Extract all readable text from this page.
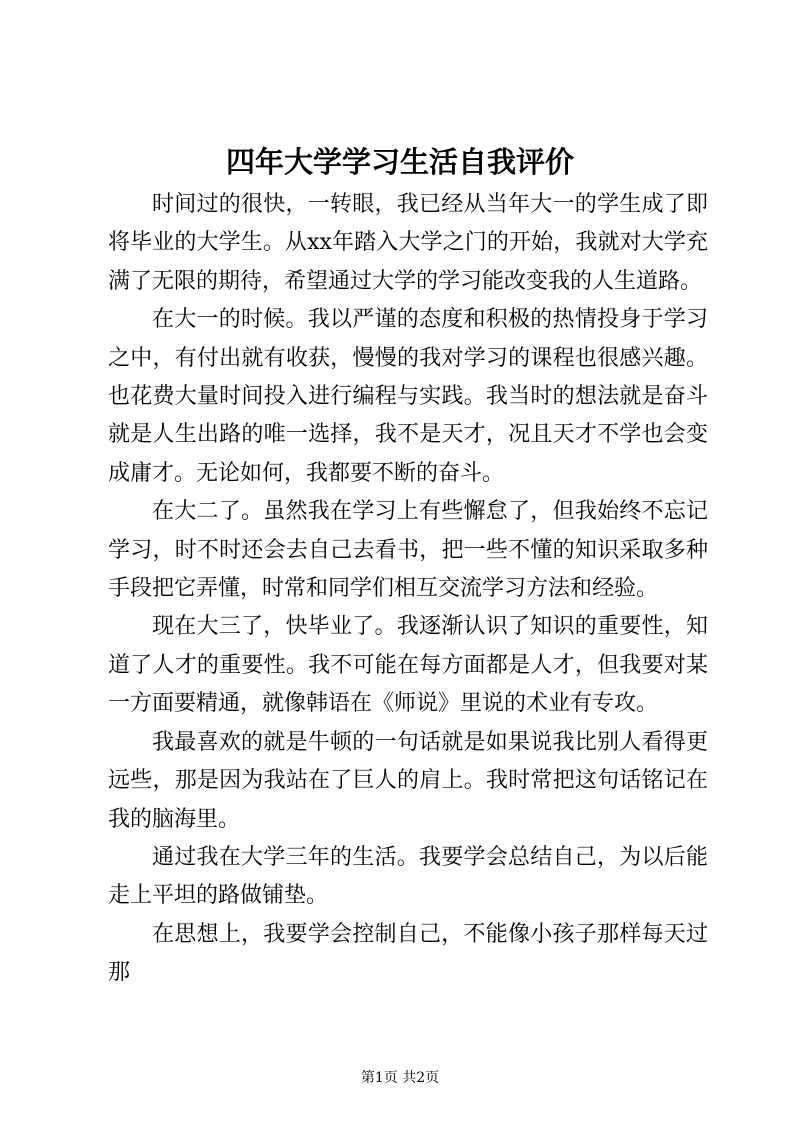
四年大学学习生活自我评价

时间过的很快，一转眼，我已经从当年大一的学生成了即将毕业的大学生。从xx年踏入大学之门的开始，我就对大学充满了无限的期待，希望通过大学的学习能改变我的人生道路。

在大一的时候。我以严谨的态度和积极的热情投身于学习之中，有付出就有收获，慢慢的我对学习的课程也很感兴趣。也花费大量时间投入进行编程与实践。我当时的想法就是奋斗就是人生出路的唯一选择，我不是天才，况且天才不学也会变成庸才。无论如何，我都要不断的奋斗。

在大二了。虽然我在学习上有些懈怠了，但我始终不忘记学习，时不时还会去自己去看书，把一些不懂的知识采取多种手段把它弄懂，时常和同学们相互交流学习方法和经验。

现在大三了，快毕业了。我逐渐认识了知识的重要性，知道了人才的重要性。我不可能在每方面都是人才，但我要对某一方面要精通，就像韩语在《师说》里说的术业有专攻。

我最喜欢的就是牛顿的一句话就是如果说我比别人看得更远些，那是因为我站在了巨人的肩上。我时常把这句话铭记在我的脑海里。

通过我在大学三年的生活。我要学会总结自己，为以后能走上平坦的路做铺垫。

在思想上，我要学会控制自己，不能像小孩子那样每天过那

第1页 共2页
